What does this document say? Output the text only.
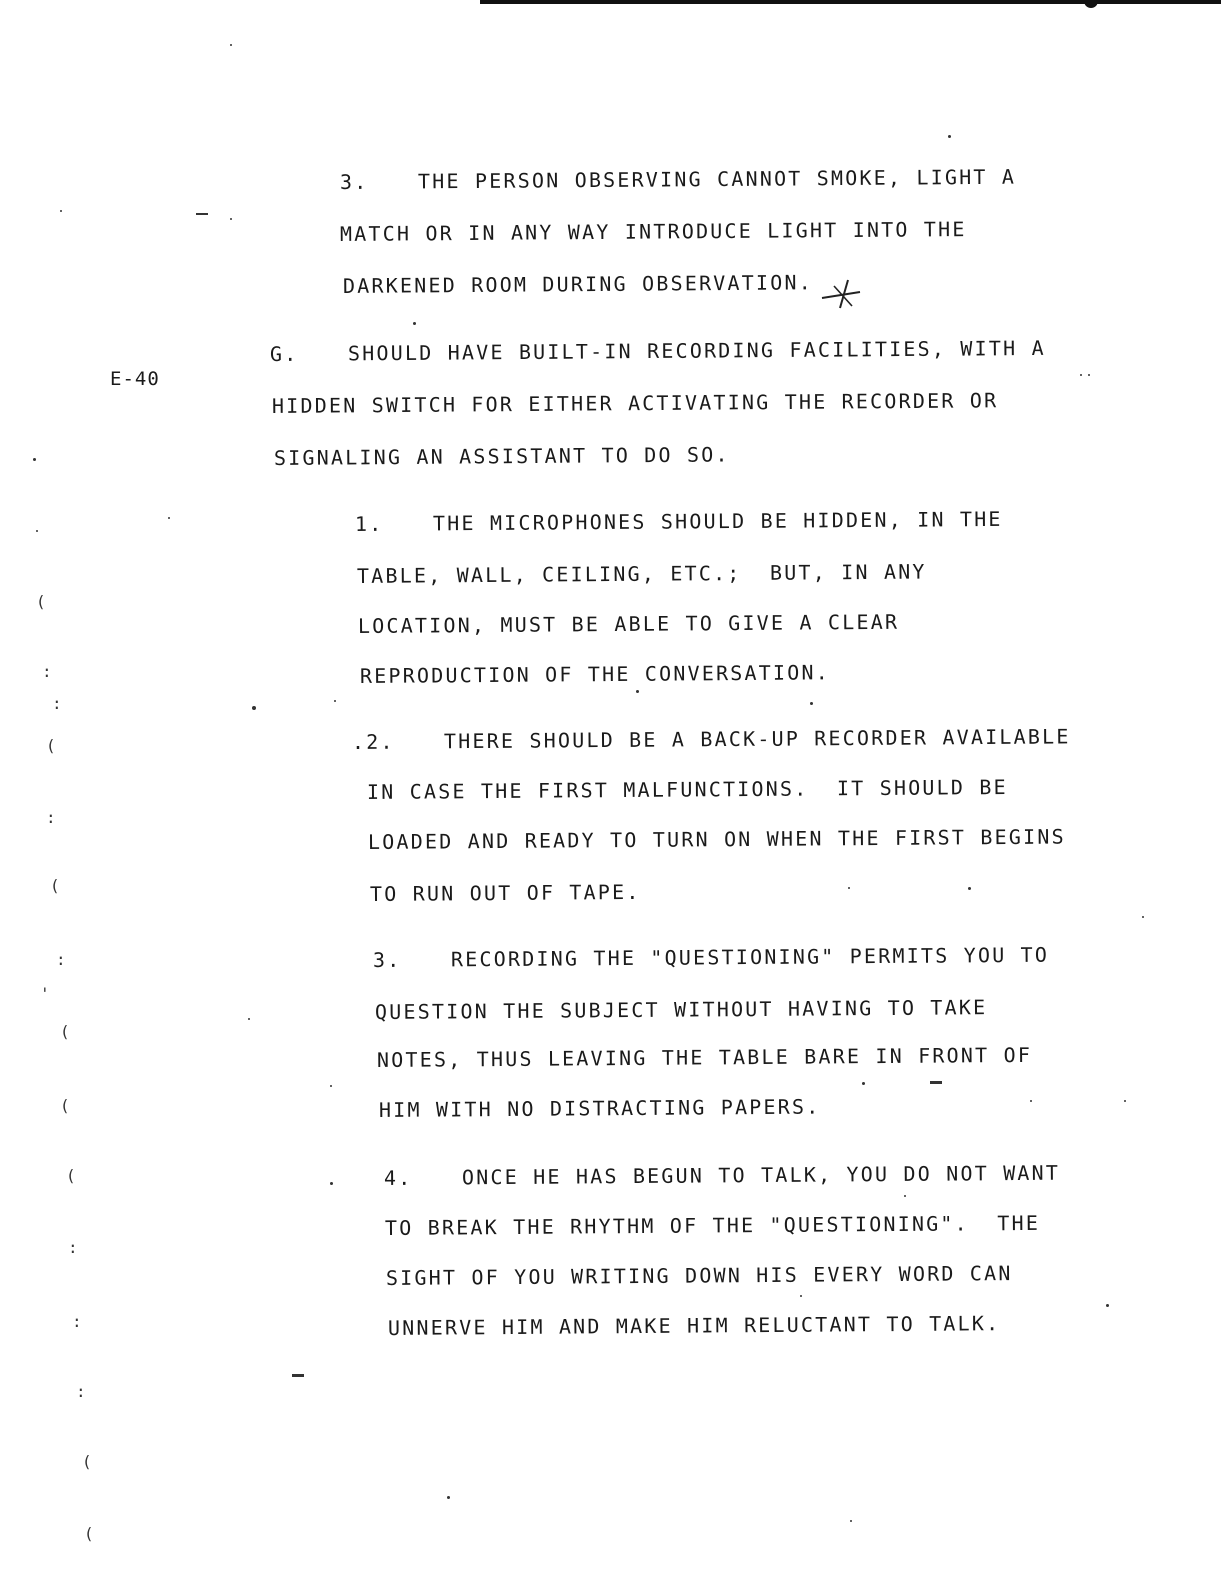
E-40
3. THE PERSON OBSERVING CANNOT SMOKE, LIGHT A
MATCH OR IN ANY WAY INTRODUCE LIGHT INTO THE
DARKENED ROOM DURING OBSERVATION.
G. SHOULD HAVE BUILT-IN RECORDING FACILITIES, WITH A
HIDDEN SWITCH FOR EITHER ACTIVATING THE RECORDER OR
SIGNALING AN ASSISTANT TO DO SO.
1. THE MICROPHONES SHOULD BE HIDDEN, IN THE
TABLE, WALL, CEILING, ETC.;  BUT, IN ANY
LOCATION, MUST BE ABLE TO GIVE A CLEAR
REPRODUCTION OF THE CONVERSATION.
.2. THERE SHOULD BE A BACK-UP RECORDER AVAILABLE
IN CASE THE FIRST MALFUNCTIONS.  IT SHOULD BE
LOADED AND READY TO TURN ON WHEN THE FIRST BEGINS
TO RUN OUT OF TAPE.
3. RECORDING THE "QUESTIONING" PERMITS YOU TO
QUESTION THE SUBJECT WITHOUT HAVING TO TAKE
NOTES, THUS LEAVING THE TABLE BARE IN FRONT OF
HIM WITH NO DISTRACTING PAPERS.
4. ONCE HE HAS BEGUN TO TALK, YOU DO NOT WANT
TO BREAK THE RHYTHM OF THE "QUESTIONING".  THE
SIGHT OF YOU WRITING DOWN HIS EVERY WORD CAN
UNNERVE HIM AND MAKE HIM RELUCTANT TO TALK.
(
:
:
(
:
(
:
'
(
(
(
:
:
:
(
(
